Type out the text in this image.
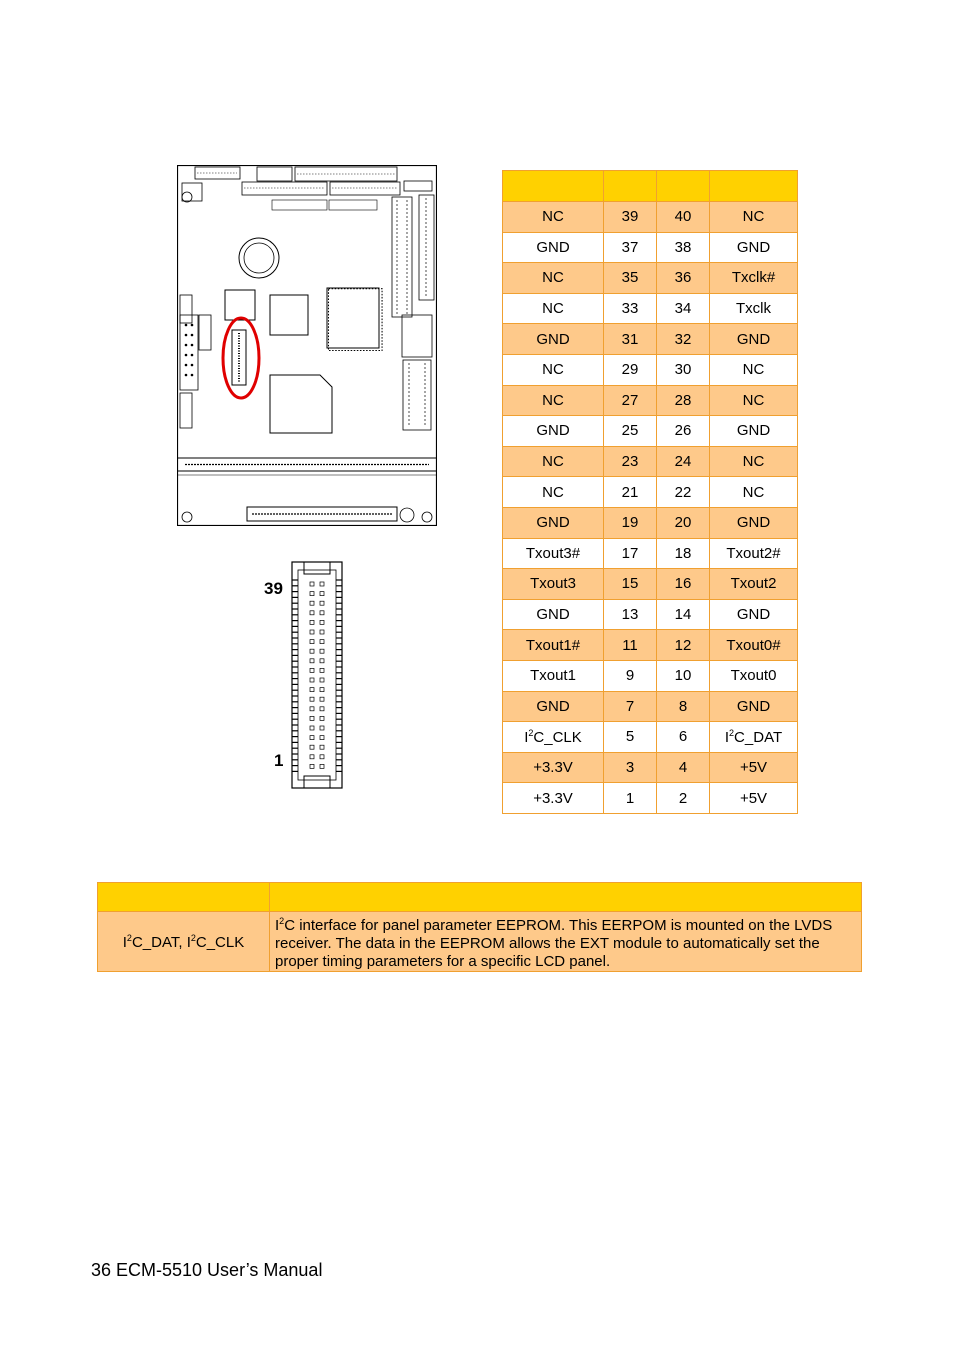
39
1

NC	39	40	NC
GND	37	38	GND
NC	35	36	Txclk#
NC	33	34	Txclk
GND	31	32	GND
NC	29	30	NC
NC	27	28	NC
GND	25	26	GND
NC	23	24	NC
NC	21	22	NC
GND	19	20	GND
Txout3#	17	18	Txout2#
Txout3	15	16	Txout2
GND	13	14	GND
Txout1#	11	12	Txout0#
Txout1	9	10	Txout0
GND	7	8	GND
$I^2C\_CLK$	5	6	$I^2C\_DAT$
+3.3V	3	4	+5V
+3.3V	1	2	+5V

$I^2C\_DAT$, $I^2C\_CLK$	$I^2C$ interface for panel parameter EEPROM. This EERPOM is mounted on the LVDS receiver. The data in the EEPROM allows the EXT module to automatically set the proper timing parameters for a specific LCD panel.
36 ECM-5510 User’s Manual
